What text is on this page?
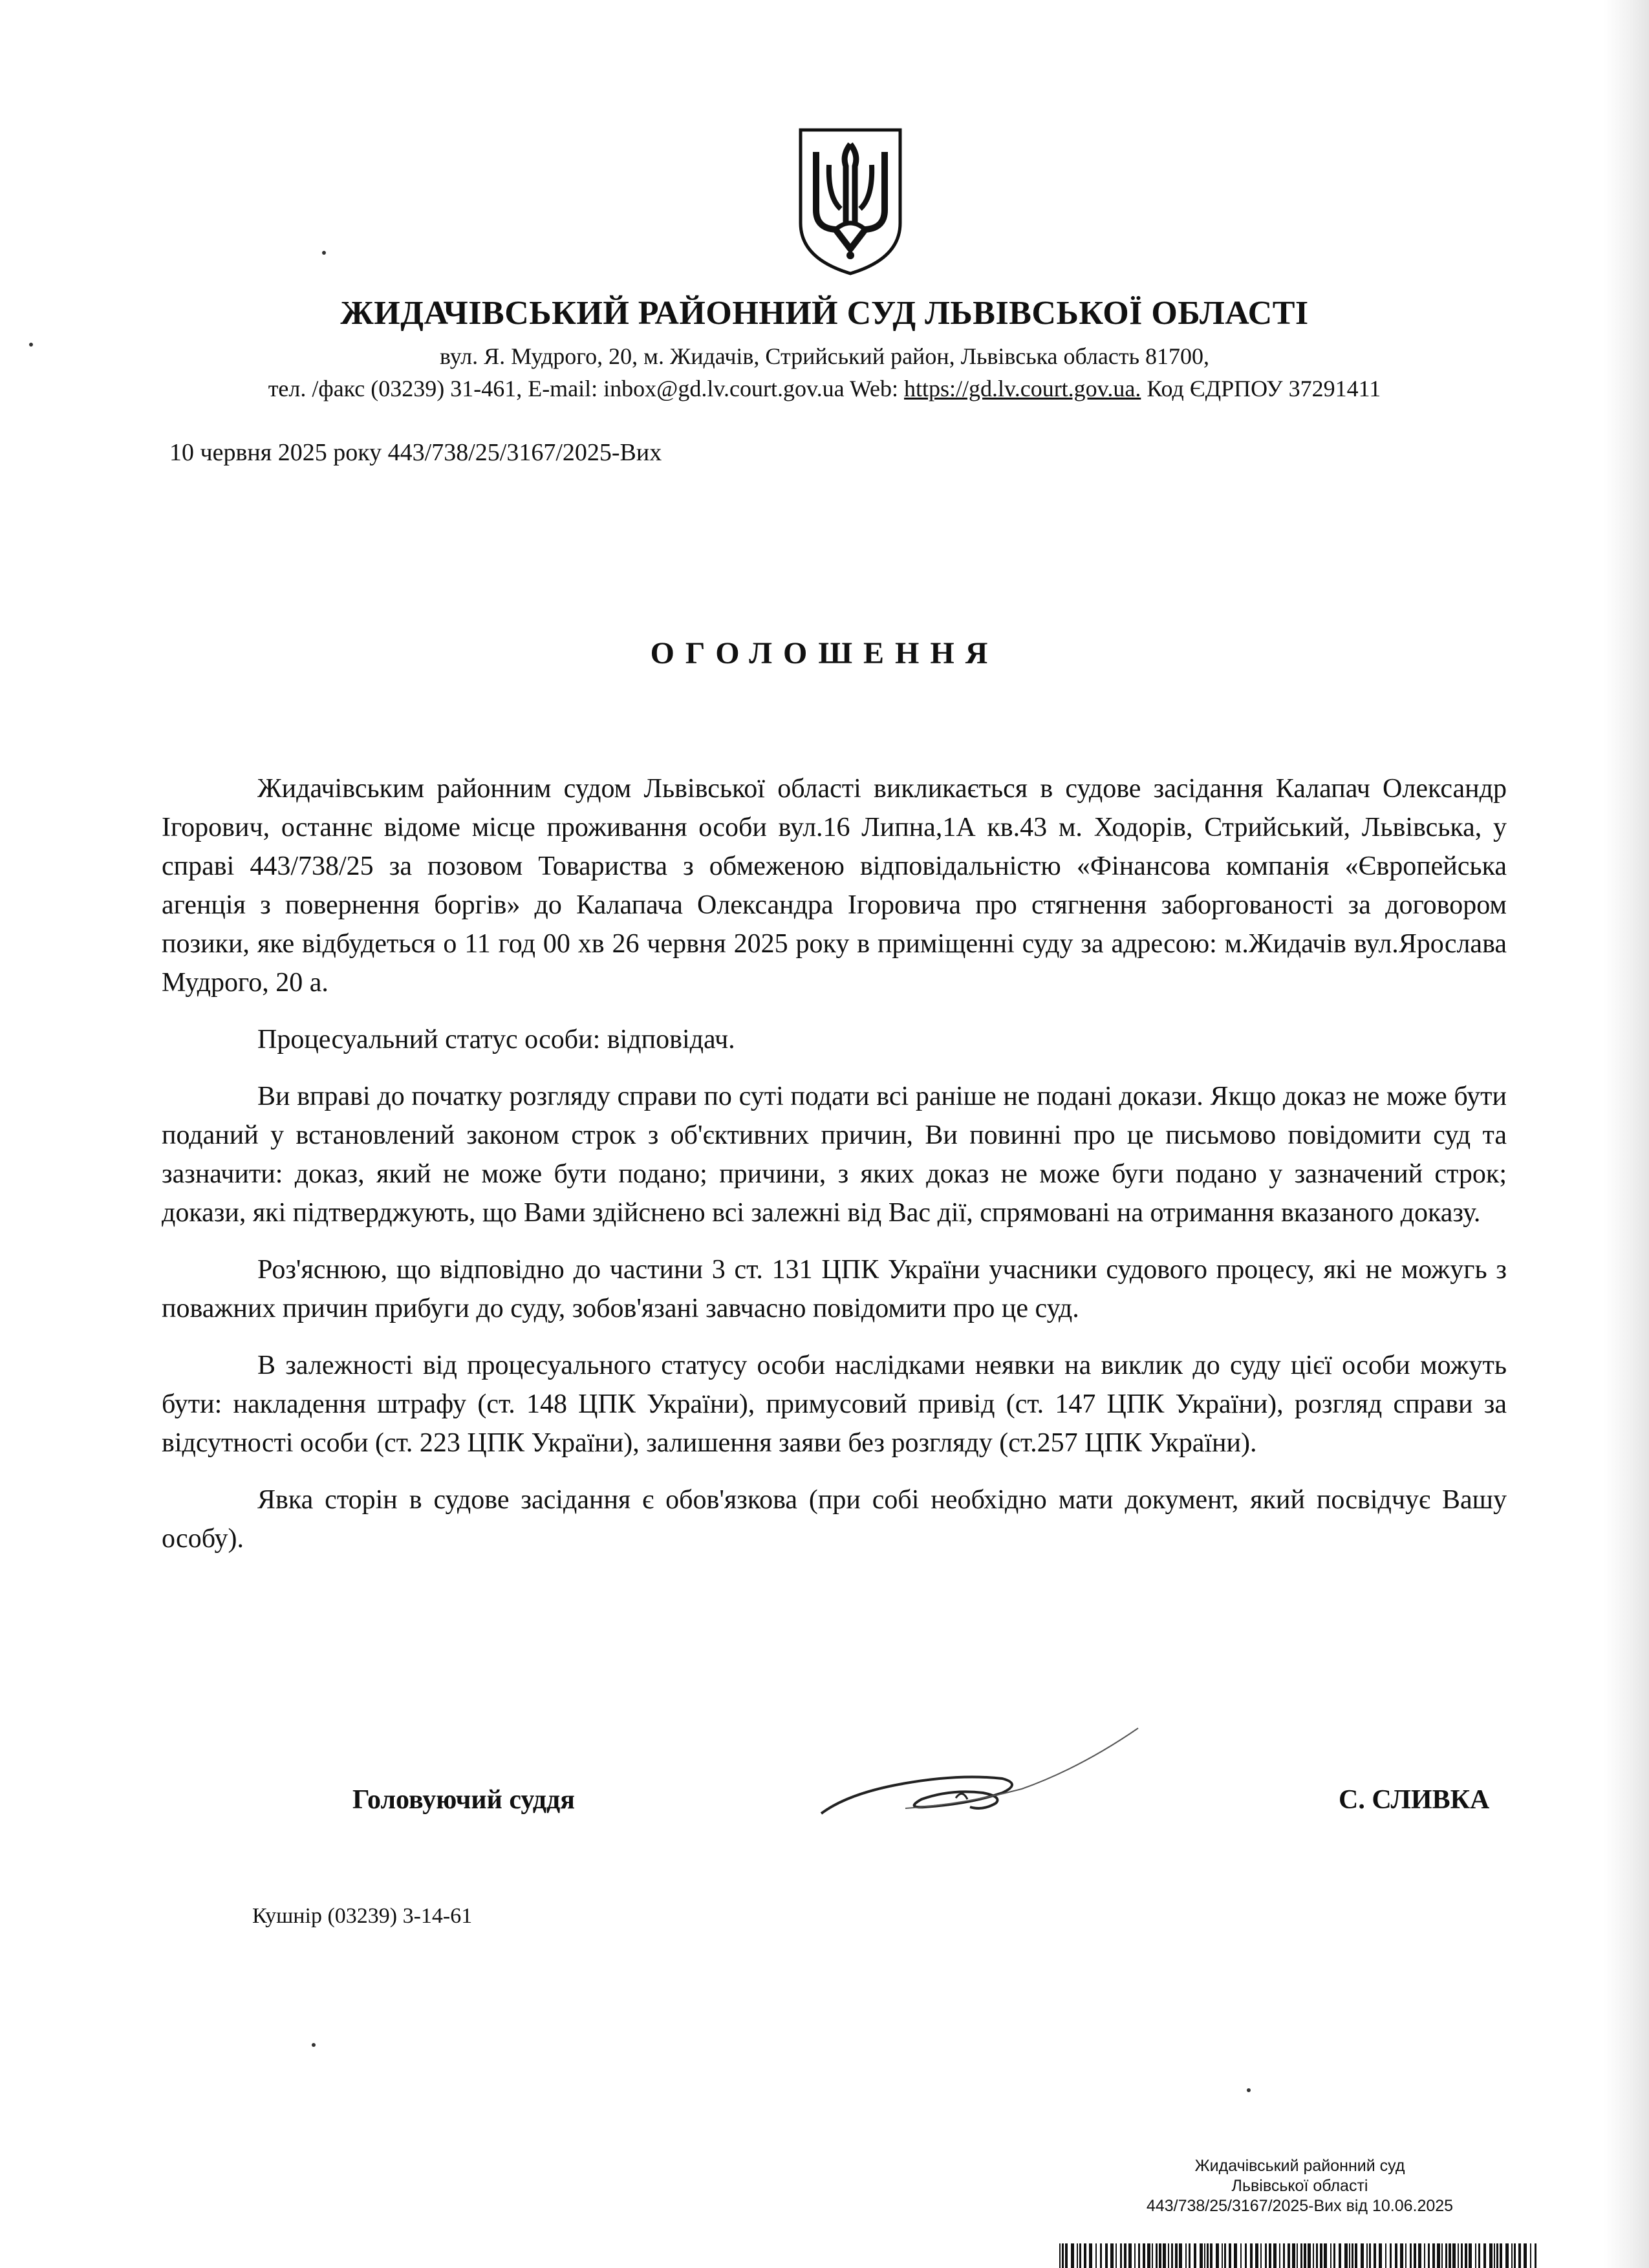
ЖИДАЧІВСЬКИЙ РАЙОННИЙ СУД ЛЬВІВСЬКОЇ ОБЛАСТІ
вул. Я. Мудрого, 20, м. Жидачів, Стрийський район, Львівська область 81700,
тел. /факс (03239) 31-461, E-mail: inbox@gd.lv.court.gov.ua Web: https://gd.lv.court.gov.ua. Код ЄДРПОУ 37291411
10 червня 2025 року 443/738/25/3167/2025-Вих
ОГОЛОШЕННЯ

Жидачівським районним судом Львівської області викликається в судове засідання Калапач Олександр Ігорович, останнє відоме місце проживання особи вул.16 Липна,1А кв.43 м. Ходорів, Стрийський, Львівська, у справі 443/738/25 за позовом Товариства з обмеженою відповідальністю «Фінансова компанія «Європейська агенція з повернення боргів» до Калапача Олександра Ігоровича про стягнення заборгованості за договором позики, яке відбудеться о 11 год 00 хв 26 червня 2025 року в приміщенні суду за адресою: м.Жидачів вул.Ярослава Мудрого, 20 а.

Процесуальний статус особи: відповідач.

Ви вправі до початку розгляду справи по суті подати всі раніше не подані докази. Якщо доказ не може бути поданий у встановлений законом строк з об'єктивних причин, Ви повинні про це письмово повідомити суд та зазначити: доказ, який не може бути подано; причини, з яких доказ не може буги подано у зазначений строк; докази, які підтверджують, що Вами здійснено всі залежні від Вас дії, спрямовані на отримання вказаного доказу.

Роз'яснюю, що відповідно до частини 3 ст. 131 ЦПК України учасники судового процесу, які не можугь з поважних причин прибуги до суду, зобов'язані завчасно повідомити про це суд.

В залежності від процесуального статусу особи наслідками неявки на виклик до суду цієї особи можуть бути: накладення штрафу (ст. 148 ЦПК України), примусовий привід (ст. 147 ЦПК України), розгляд справи за відсутності особи (ст. 223 ЦПК України), залишення заяви без розгляду (ст.257 ЦПК України).

Явка сторін в судове засідання є обов'язкова (при собі необхідно мати документ, який посвідчує Вашу особу).

Головуючий суддя	С. СЛИВКА
Кушнір (03239) 3-14-61
Жидачівський районний суд
Львівської області
443/738/25/3167/2025-Вих від 10.06.2025
